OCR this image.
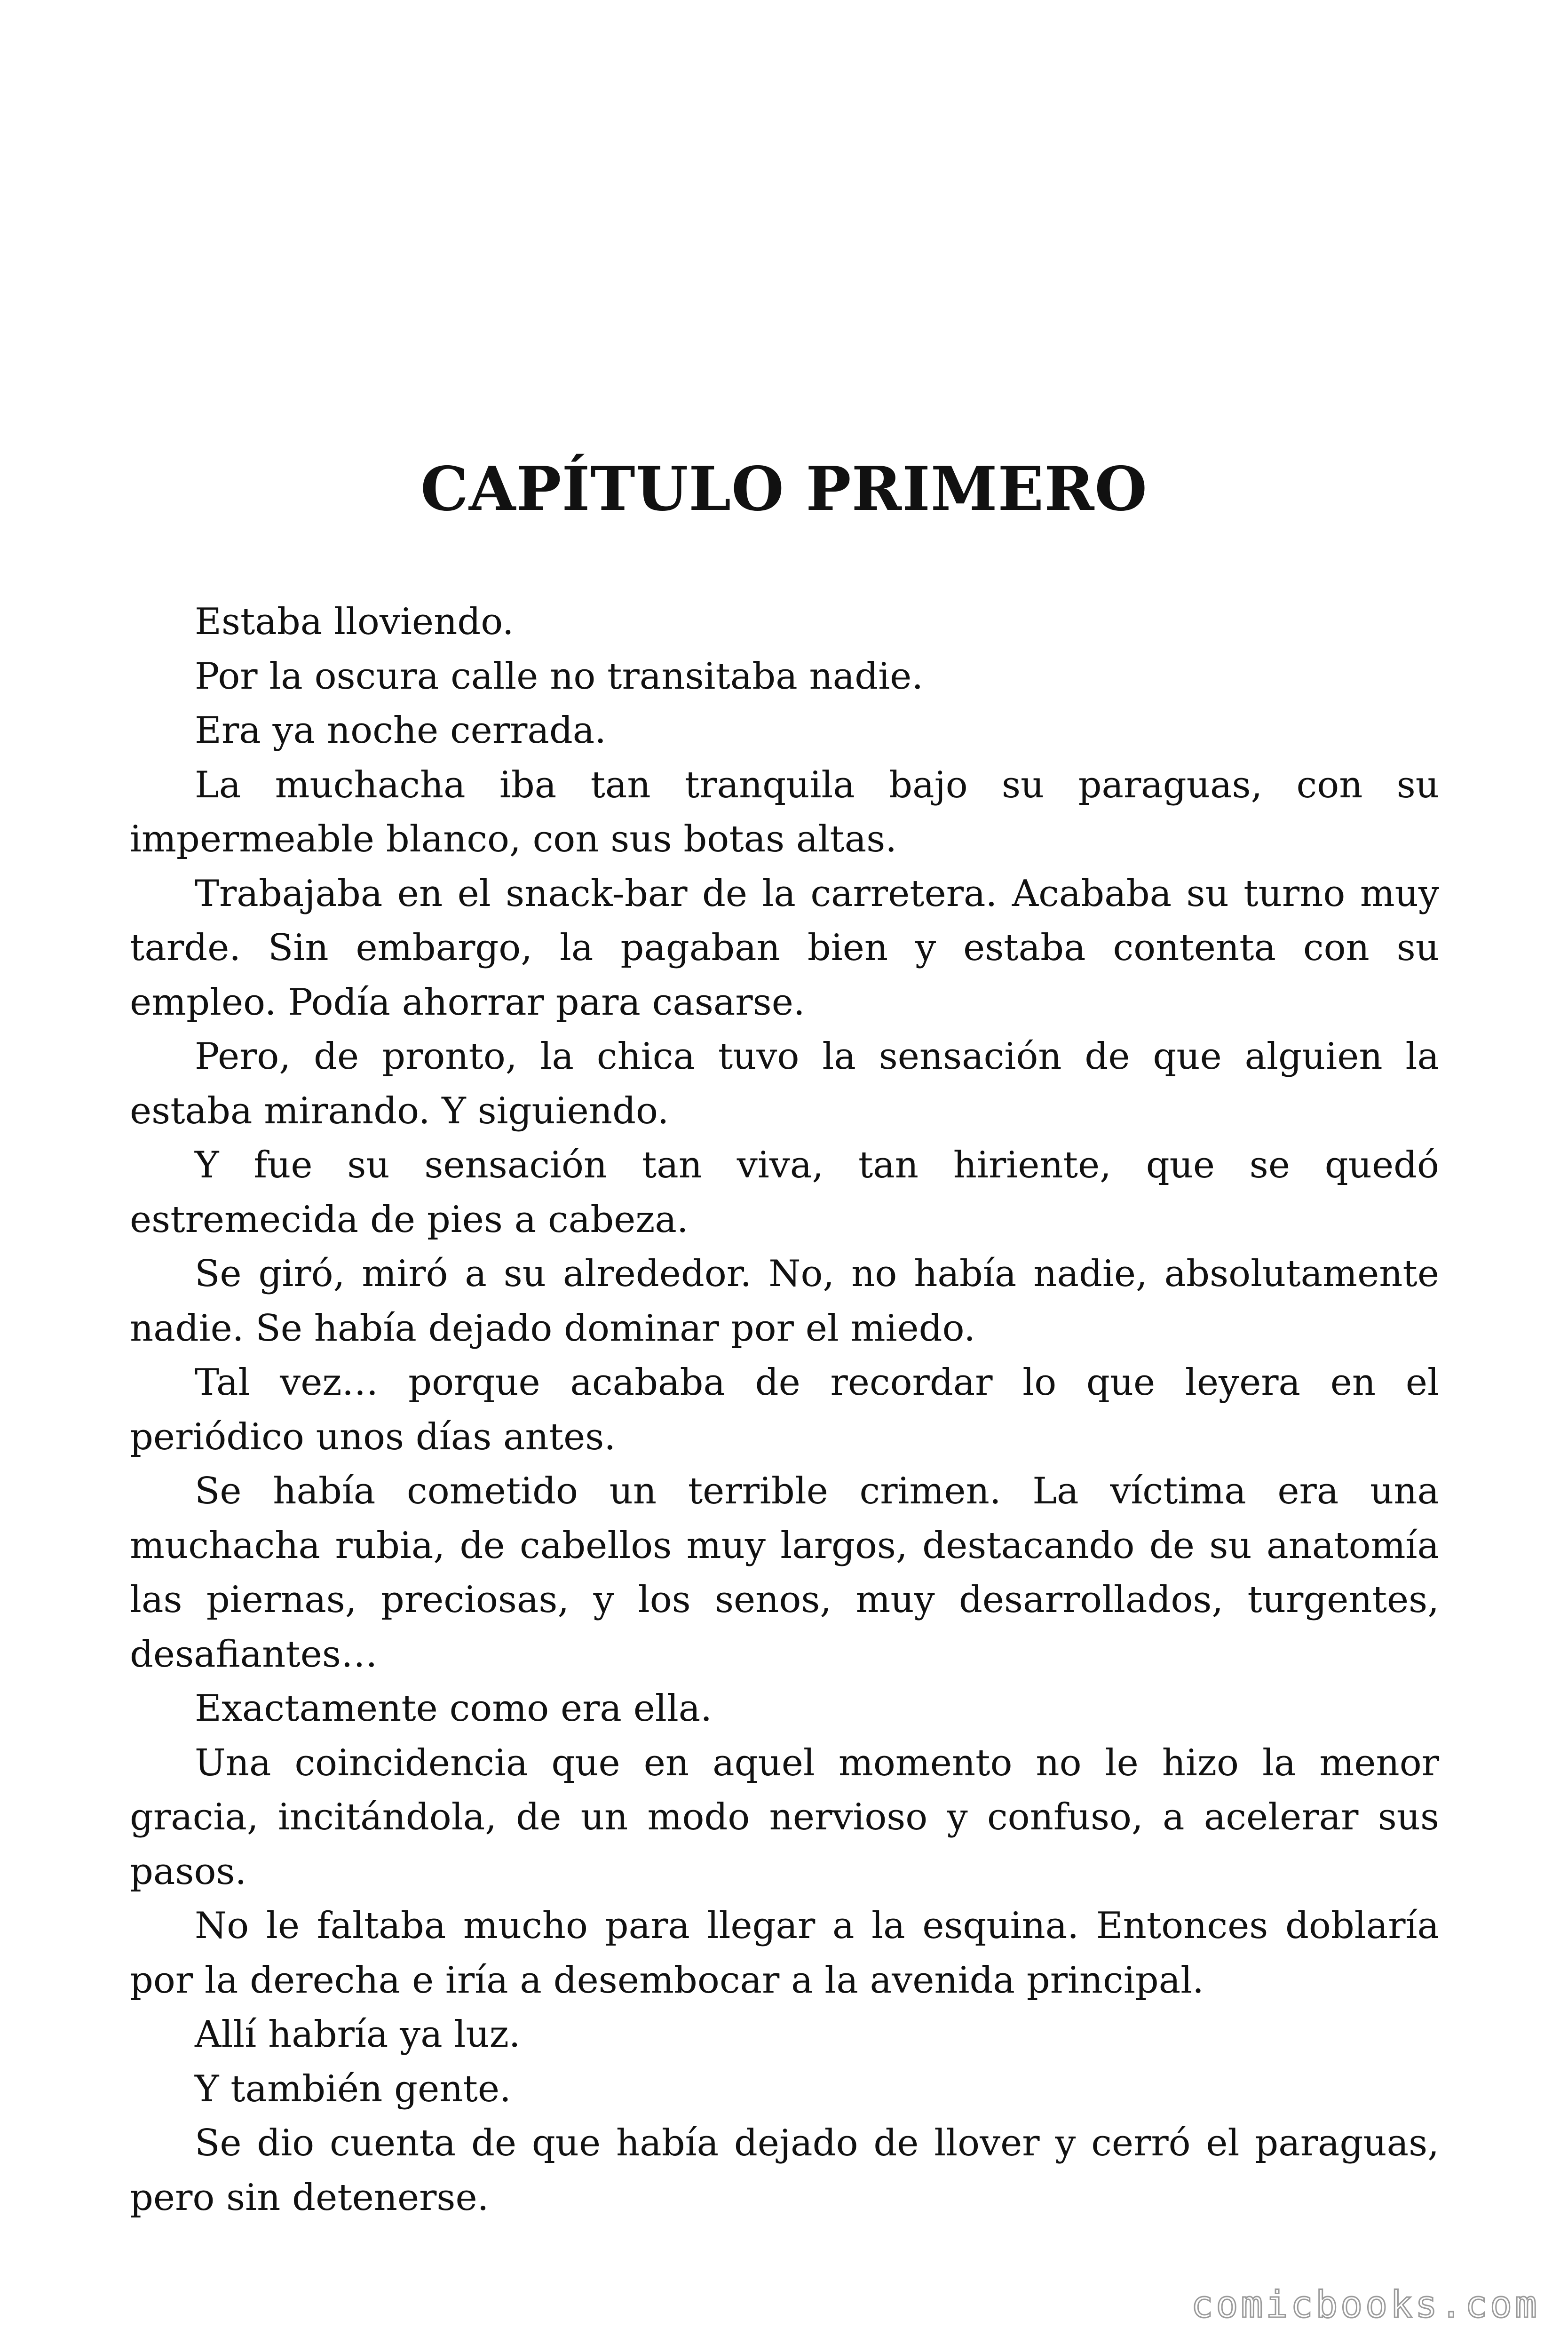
CAPÍTULO PRIMERO

Estaba lloviendo.

Por la oscura calle no transitaba nadie.

Era ya noche cerrada.

La muchacha iba tan tranquila bajo su paraguas, con su impermeable blanco, con sus botas altas.

Trabajaba en el snack-bar de la carretera. Acababa su turno muy tarde. Sin embargo, la pagaban bien y estaba contenta con su empleo. Podía ahorrar para casarse.

Pero, de pronto, la chica tuvo la sensación de que alguien la estaba mirando. Y siguiendo.

Y fue su sensación tan viva, tan hiriente, que se quedó estremecida de pies a cabeza.

Se giró, miró a su alrededor. No, no había nadie, absolutamente nadie. Se había dejado dominar por el miedo.

Tal vez… porque acababa de recordar lo que leyera en el periódico unos días antes.

Se había cometido un terrible crimen. La víctima era una muchacha rubia, de cabellos muy largos, destacando de su anatomía las piernas, preciosas, y los senos, muy desarrollados, turgentes, desafiantes…

Exactamente como era ella.

Una coincidencia que en aquel momento no le hizo la menor gracia, incitándola, de un modo nervioso y confuso, a acelerar sus pasos.

No le faltaba mucho para llegar a la esquina. Entonces doblaría por la derecha e iría a desembocar a la avenida principal.

Allí habría ya luz.

Y también gente.

Se dio cuenta de que había dejado de llover y cerró el paraguas, pero sin detenerse.

comicbooks.com
